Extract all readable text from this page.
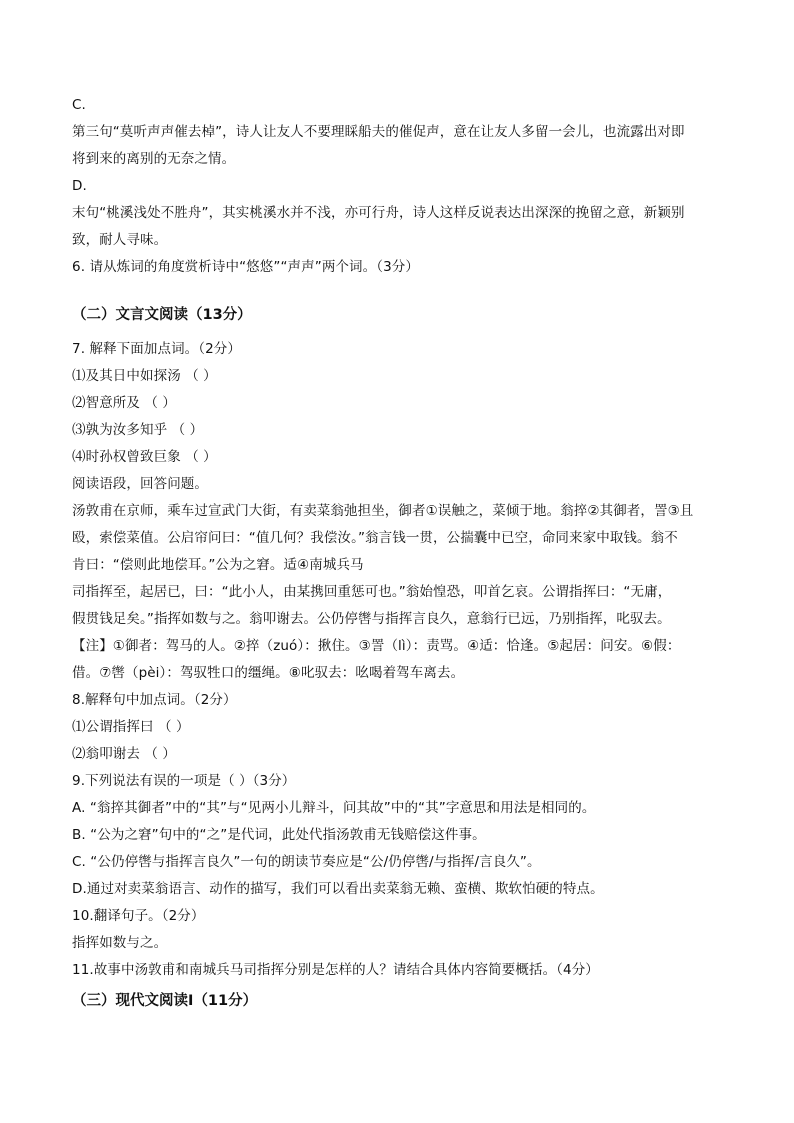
C.

第三句“莫听声声催去棹”，诗人让友人不要理睬船夫的催促声，意在让友人多留一会儿，也流露出对即

将到来的离别的无奈之情。

D.

末句“桃溪浅处不胜舟”，其实桃溪水并不浅，亦可行舟，诗人这样反说表达出深深的挽留之意，新颖别

致，耐人寻味。

6. 请从炼词的角度赏析诗中“悠悠”“声声”两个词。（3分）

（二）文言文阅读（13分）

7. 解释下面加点词。（2分）

⑴及其日中如探汤 （ ）

⑵智意所及 （ ）

⑶孰为汝多知乎 （ ）

⑷时孙权曾致巨象 （ ）

阅读语段，回答问题。

汤敦甫在京师，乘车过宣武门大街，有卖菜翁弛担坐，御者①误触之，菜倾于地。翁捽②其御者，詈③且

殴，索偿菜值。公启帘问曰：“值几何？我偿汝。”翁言钱一贯，公揣囊中已空，命同来家中取钱。翁不

肯曰：“偿则此地偿耳。”公为之窘。适④南城兵马

司指挥至，起居已，曰：“此小人，由某携回重惩可也。”翁始惶恐，叩首乞哀。公谓指挥曰：“无庸，

假贯钱足矣。”指挥如数与之。翁叩谢去。公仍停辔与指挥言良久，意翁行已远，乃别指挥，叱驭去。

【注】①御者：驾马的人。②捽（zuó）：揪住。③詈（lì）：责骂。④适：恰逢。⑤起居：问安。⑥假：

借。⑦辔（pèi）：驾驭牲口的缰绳。⑧叱驭去：吆喝着驾车离去。

8.解释句中加点词。（2分）

⑴公谓指挥曰 （ ）

⑵翁叩谢去 （ ）

9.下列说法有误的一项是（ ）（3分）

A. “翁捽其御者”中的“其”与“见两小儿辩斗，问其故”中的“其”字意思和用法是相同的。

B. “公为之窘”句中的“之”是代词，此处代指汤敦甫无钱赔偿这件事。

C. “公仍停辔与指挥言良久”一句的朗读节奏应是“公/仍停辔/与指挥/言良久”。

D.通过对卖菜翁语言、动作的描写，我们可以看出卖菜翁无赖、蛮横、欺软怕硬的特点。

10.翻译句子。（2分）

指挥如数与之。

11.故事中汤敦甫和南城兵马司指挥分别是怎样的人？请结合具体内容简要概括。（4分）

（三）现代文阅读Ⅰ（11分）
